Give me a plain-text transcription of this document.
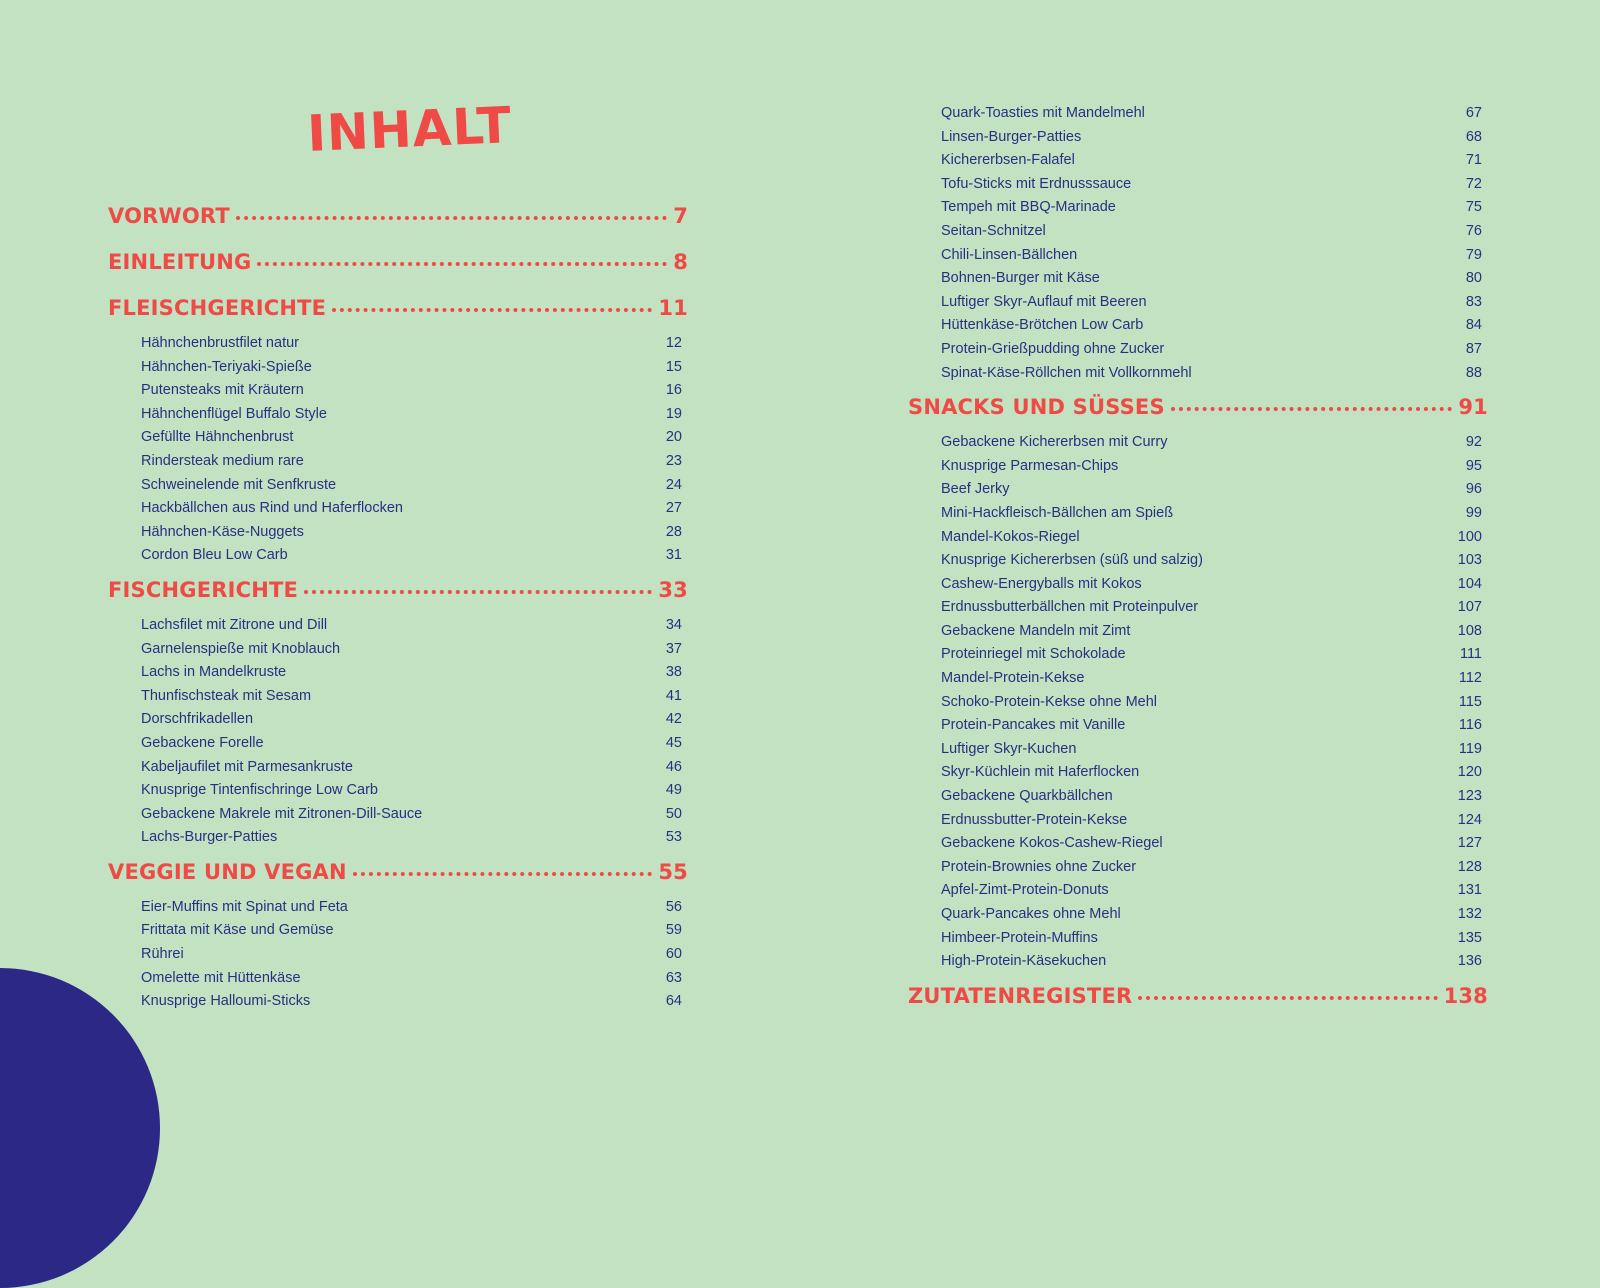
INHALT
VORWORT	7
EINLEITUNG	8
FLEISCHGERICHTE	11
Hähnchenbrustfilet natur	12
Hähnchen-Teriyaki-Spieße	15
Putensteaks mit Kräutern	16
Hähnchenflügel Buffalo Style	19
Gefüllte Hähnchenbrust	20
Rindersteak medium rare	23
Schweinelende mit Senfkruste	24
Hackbällchen aus Rind und Haferflocken	27
Hähnchen-Käse-Nuggets	28
Cordon Bleu Low Carb	31
FISCHGERICHTE	33
Lachsfilet mit Zitrone und Dill	34
Garnelenspieße mit Knoblauch	37
Lachs in Mandelkruste	38
Thunfischsteak mit Sesam	41
Dorschfrikadellen	42
Gebackene Forelle	45
Kabeljaufilet mit Parmesankruste	46
Knusprige Tintenfischringe Low Carb	49
Gebackene Makrele mit Zitronen-Dill-Sauce	50
Lachs-Burger-Patties	53
VEGGIE UND VEGAN	55
Eier-Muffins mit Spinat und Feta	56
Frittata mit Käse und Gemüse	59
Rührei	60
Omelette mit Hüttenkäse	63
Knusprige Halloumi-Sticks	64
Quark-Toasties mit Mandelmehl	67
Linsen-Burger-Patties	68
Kichererbsen-Falafel	71
Tofu-Sticks mit Erdnusssauce	72
Tempeh mit BBQ-Marinade	75
Seitan-Schnitzel	76
Chili-Linsen-Bällchen	79
Bohnen-Burger mit Käse	80
Luftiger Skyr-Auflauf mit Beeren	83
Hüttenkäse-Brötchen Low Carb	84
Protein-Grießpudding ohne Zucker	87
Spinat-Käse-Röllchen mit Vollkornmehl	88
SNACKS UND SÜSSES	91
Gebackene Kichererbsen mit Curry	92
Knusprige Parmesan-Chips	95
Beef Jerky	96
Mini-Hackfleisch-Bällchen am Spieß	99
Mandel-Kokos-Riegel	100
Knusprige Kichererbsen (süß und salzig)	103
Cashew-Energyballs mit Kokos	104
Erdnussbutterbällchen mit Proteinpulver	107
Gebackene Mandeln mit Zimt	108
Proteinriegel mit Schokolade	111
Mandel-Protein-Kekse	112
Schoko-Protein-Kekse ohne Mehl	115
Protein-Pancakes mit Vanille	116
Luftiger Skyr-Kuchen	119
Skyr-Küchlein mit Haferflocken	120
Gebackene Quarkbällchen	123
Erdnussbutter-Protein-Kekse	124
Gebackene Kokos-Cashew-Riegel	127
Protein-Brownies ohne Zucker	128
Apfel-Zimt-Protein-Donuts	131
Quark-Pancakes ohne Mehl	132
Himbeer-Protein-Muffins	135
High-Protein-Käsekuchen	136
ZUTATENREGISTER	138
